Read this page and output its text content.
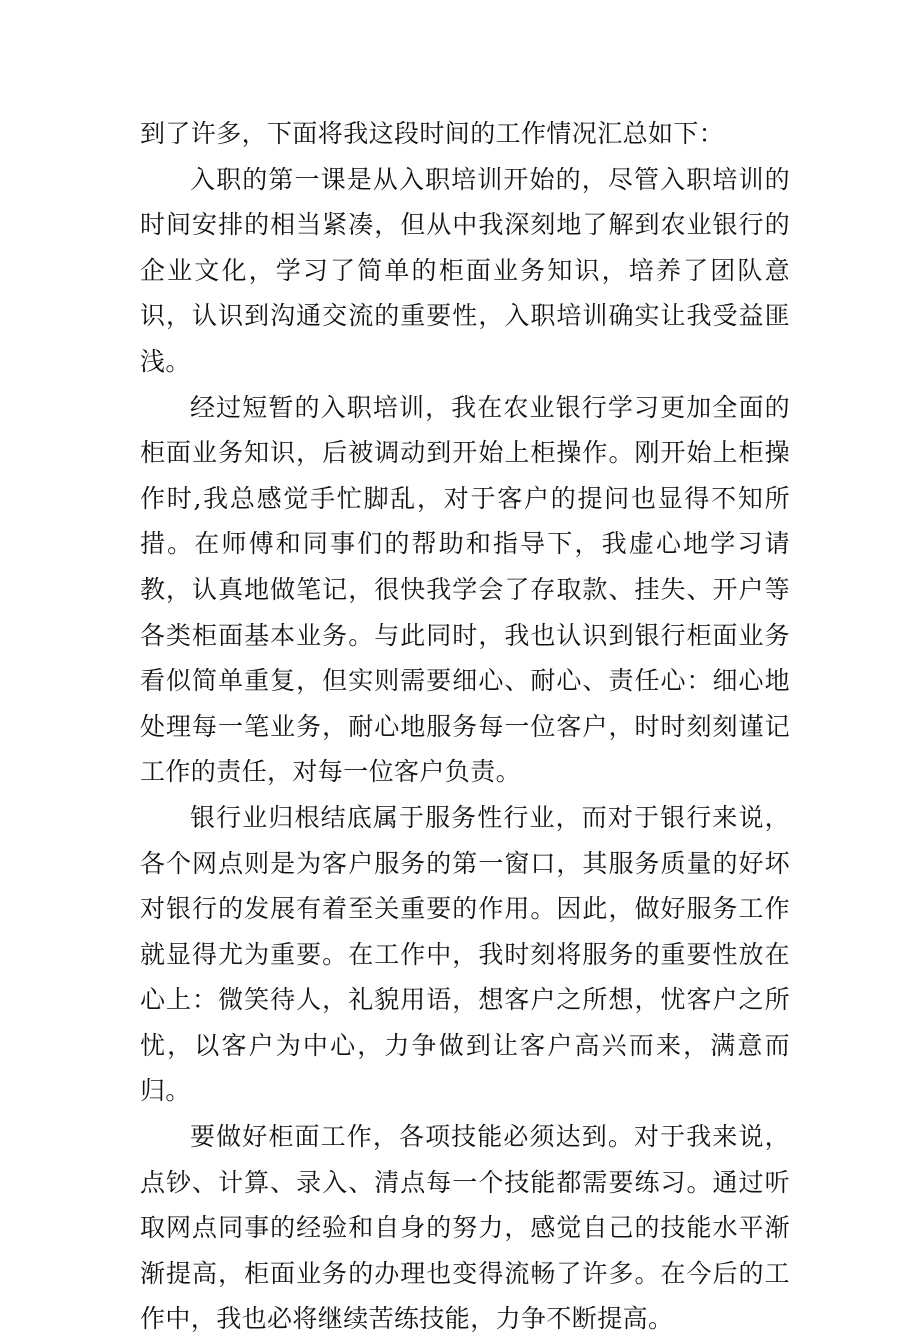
到了许多，下面将我这段时间的工作情况汇总如下：

入职的第一课是从入职培训开始的，尽管入职培训的时间安排的相当紧凑，但从中我深刻地了解到农业银行的企业文化，学习了简单的柜面业务知识，培养了团队意识，认识到沟通交流的重要性，入职培训确实让我受益匪浅。

经过短暂的入职培训，我在农业银行学习更加全面的柜面业务知识，后被调动到开始上柜操作。刚开始上柜操作时,我总感觉手忙脚乱，对于客户的提问也显得不知所措。在师傅和同事们的帮助和指导下，我虚心地学习请教，认真地做笔记，很快我学会了存取款、挂失、开户等各类柜面基本业务。与此同时，我也认识到银行柜面业务看似简单重复，但实则需要细心、耐心、责任心：细心地处理每一笔业务，耐心地服务每一位客户，时时刻刻谨记工作的责任，对每一位客户负责。

银行业归根结底属于服务性行业，而对于银行来说，各个网点则是为客户服务的第一窗口，其服务质量的好坏对银行的发展有着至关重要的作用。因此，做好服务工作就显得尤为重要。在工作中，我时刻将服务的重要性放在心上：微笑待人，礼貌用语，想客户之所想，忧客户之所忧，以客户为中心，力争做到让客户高兴而来，满意而归。

要做好柜面工作，各项技能必须达到。对于我来说，点钞、计算、录入、清点每一个技能都需要练习。通过听取网点同事的经验和自身的努力，感觉自己的技能水平渐渐提高，柜面业务的办理也变得流畅了许多。在今后的工作中，我也必将继续苦练技能，力争不断提高。
